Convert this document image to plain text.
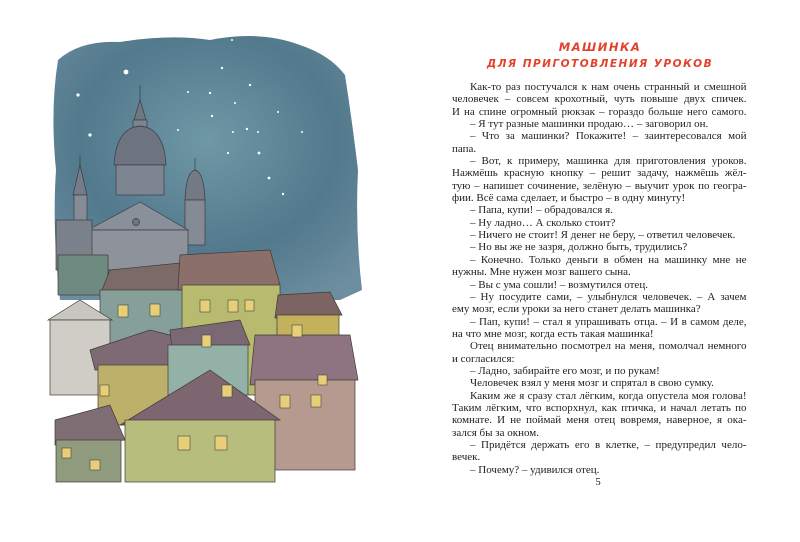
МАШИНКА
ДЛЯ ПРИГОТОВЛЕНИЯ УРОКОВ
Как-то раз постучался к нам очень странный и смешной
человечек – совсем крохотный, чуть повыше двух спичек.
И на спине огромный рюкзак – гораздо больше него самого.
– Я тут разные машинки продаю… – заговорил он.
– Что за машинки? Покажите! – заинтересовался мой
папа.
– Вот, к примеру, машинка для приготовления уроков.
Нажмёшь красную кнопку – решит задачу, нажмёшь жёл-
тую – напишет сочинение, зелёную – выучит урок по геогра-
фии. Всё сама сделает, и быстро – в одну минуту!
– Папа, купи! – обрадовался я.
– Ну ладно… А сколько стоит?
– Ничего не стоит! Я денег не беру, – ответил человечек.
– Но вы же не зазря, должно быть, трудились?
– Конечно. Только деньги в обмен на машинку мне не
нужны. Мне нужен мозг вашего сына.
– Вы с ума сошли! – возмутился отец.
– Ну посудите сами, – улыбнулся человечек. – А зачем
ему мозг, если уроки за него станет делать машинка?
– Пап, купи! – стал я упрашивать отца. – И в самом деле,
на что мне мозг, когда есть такая машинка!
Отец внимательно посмотрел на меня, помолчал немного
и согласился:
– Ладно, забирайте его мозг, и по рукам!
Человечек взял у меня мозг и спрятал в свою сумку.
Каким же я сразу стал лёгким, когда опустела моя голова!
Таким лёгким, что вспорхнул, как птичка, и начал летать по
комнате. И не поймай меня отец вовремя, наверное, я ока-
зался бы за окном.
– Придётся держать его в клетке, – предупредил чело-
вечек.
– Почему? – удивился отец.
5
